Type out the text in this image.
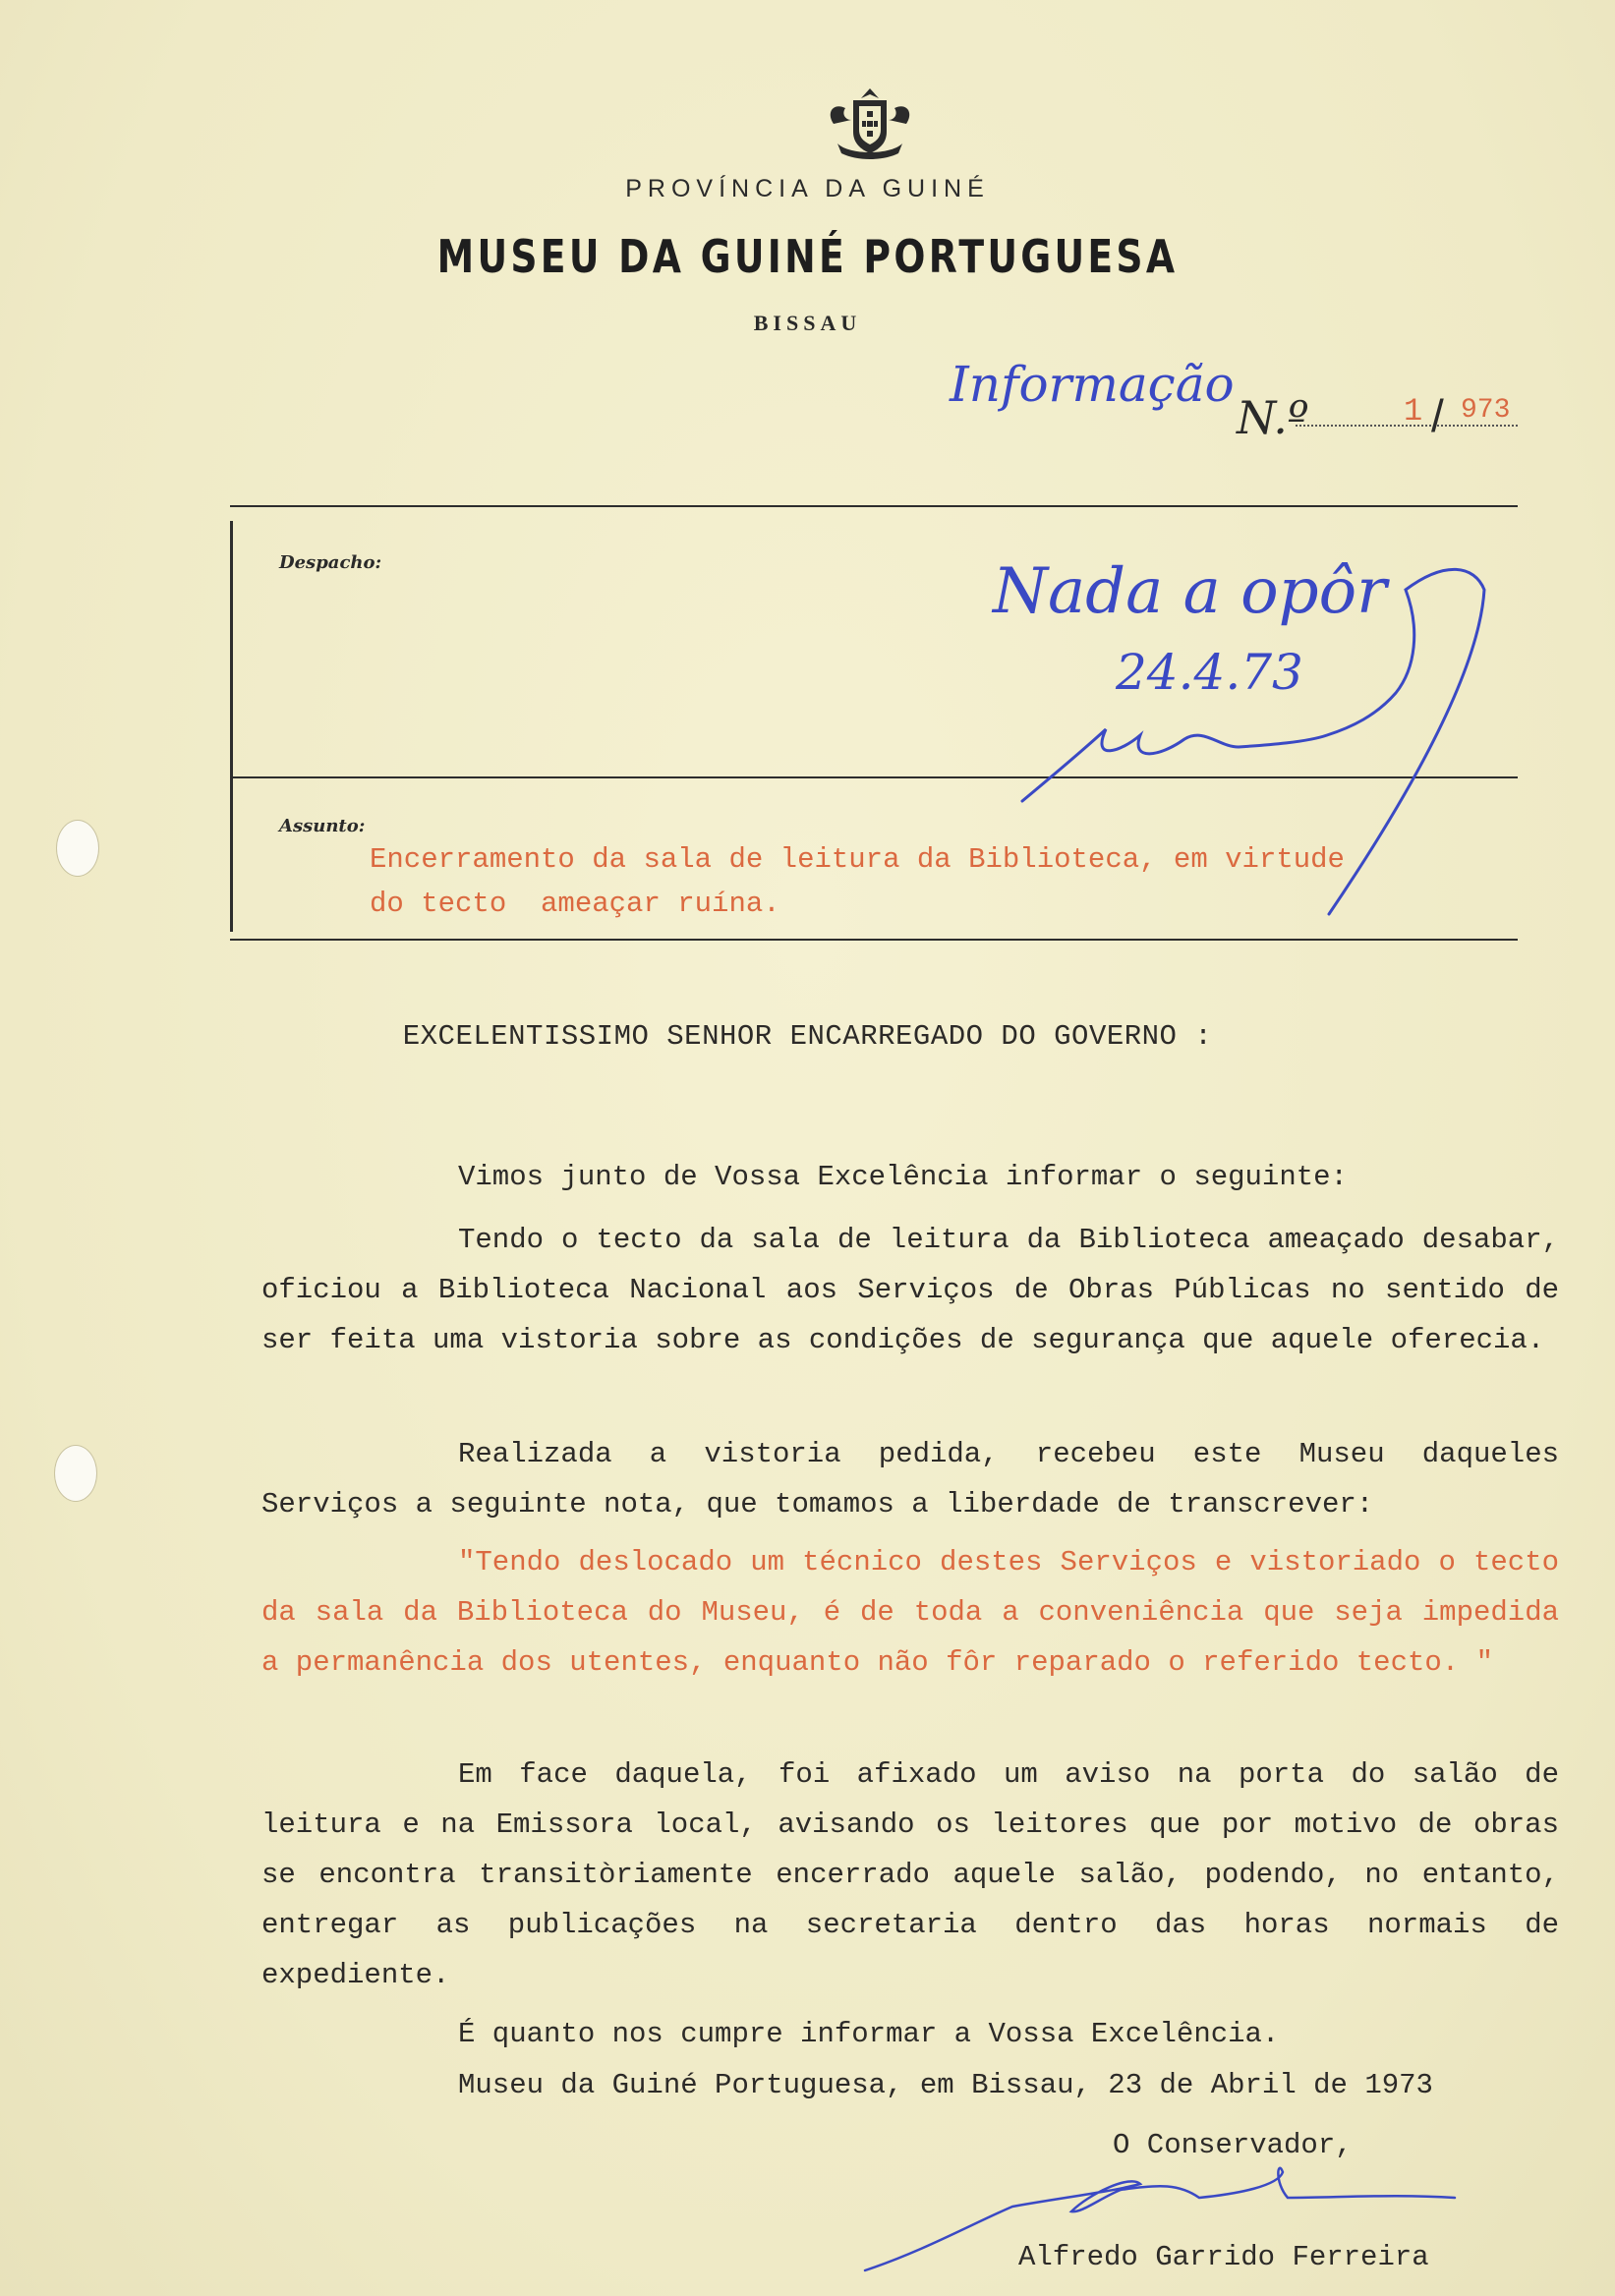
PROVÍNCIA DA GUINÉ
MUSEU DA GUINÉ PORTUGUESA
BISSAU
Informação
N.º	1 / 973
Despacho:	Nada a opôr
24.4.73
Assunto:
Encerramento da sala de leitura da Biblioteca, em virtude
do tecto  ameaçar ruína.
EXCELENTISSIMO SENHOR ENCARREGADO DO GOVERNO :
Vimos junto de Vossa Excelência informar o seguinte:
Tendo o tecto da sala de leitura da Biblioteca ameaçado desabar, oficiou a Biblioteca Nacional aos Serviços de Obras Públicas no sentido de ser feita uma vistoria sobre as condições de segurança que aquele oferecia.
Realizada a vistoria pedida, recebeu este Museu daqueles Serviços a seguinte nota, que tomamos a liberdade de transcrever:
"Tendo deslocado um técnico destes Serviços e vistoriado o tecto da sala da Biblioteca do Museu, é de toda a conveniência que seja impedida a permanência dos utentes, enquanto não fôr reparado o referido tecto. "
Em face daquela, foi afixado um aviso na porta do salão de leitura e na Emissora local, avisando os leitores que por motivo de obras se encontra transitòriamente encerrado aquele salão, podendo, no entanto, entregar as publicações na secretaria dentro das horas normais de expediente.
É quanto nos cumpre informar a Vossa Excelência.
Museu da Guiné Portuguesa, em Bissau, 23 de Abril de 1973
O Conservador,
Alfredo Garrido Ferreira
